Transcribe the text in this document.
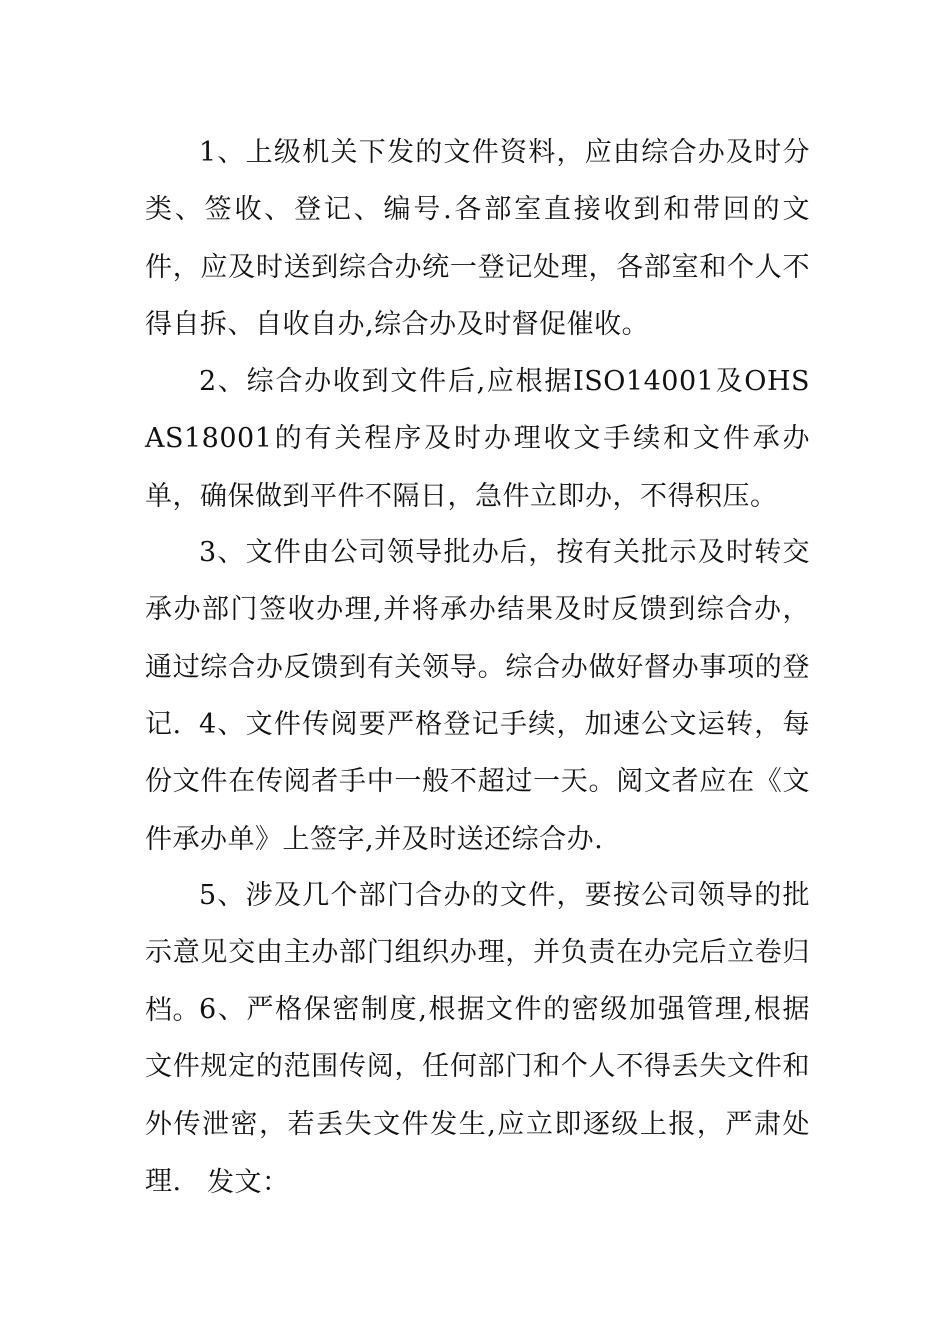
1、上级机关下发的文件资料，应由综合办及时分类、签收、登记、编号.各部室直接收到和带回的文件，应及时送到综合办统一登记处理，各部室和个人不得自拆、自收自办,综合办及时督促催收。

2、综合办收到文件后,应根据ISO14001及OHSAS18001的有关程序及时办理收文手续和文件承办单，确保做到平件不隔日，急件立即办，不得积压。

3、文件由公司领导批办后，按有关批示及时转交承办部门签收办理,并将承办结果及时反馈到综合办，通过综合办反馈到有关领导。综合办做好督办事项的登记. 4、文件传阅要严格登记手续，加速公文运转，每份文件在传阅者手中一般不超过一天。阅文者应在《文件承办单》上签字,并及时送还综合办.

5、涉及几个部门合办的文件，要按公司领导的批示意见交由主办部门组织办理，并负责在办完后立卷归档。 6、严格保密制度,根据文件的密级加强管理,根据文件规定的范围传阅，任何部门和个人不得丢失文件和外传泄密，若丢失文件发生,应立即逐级上报，严肃处理. 发文：
